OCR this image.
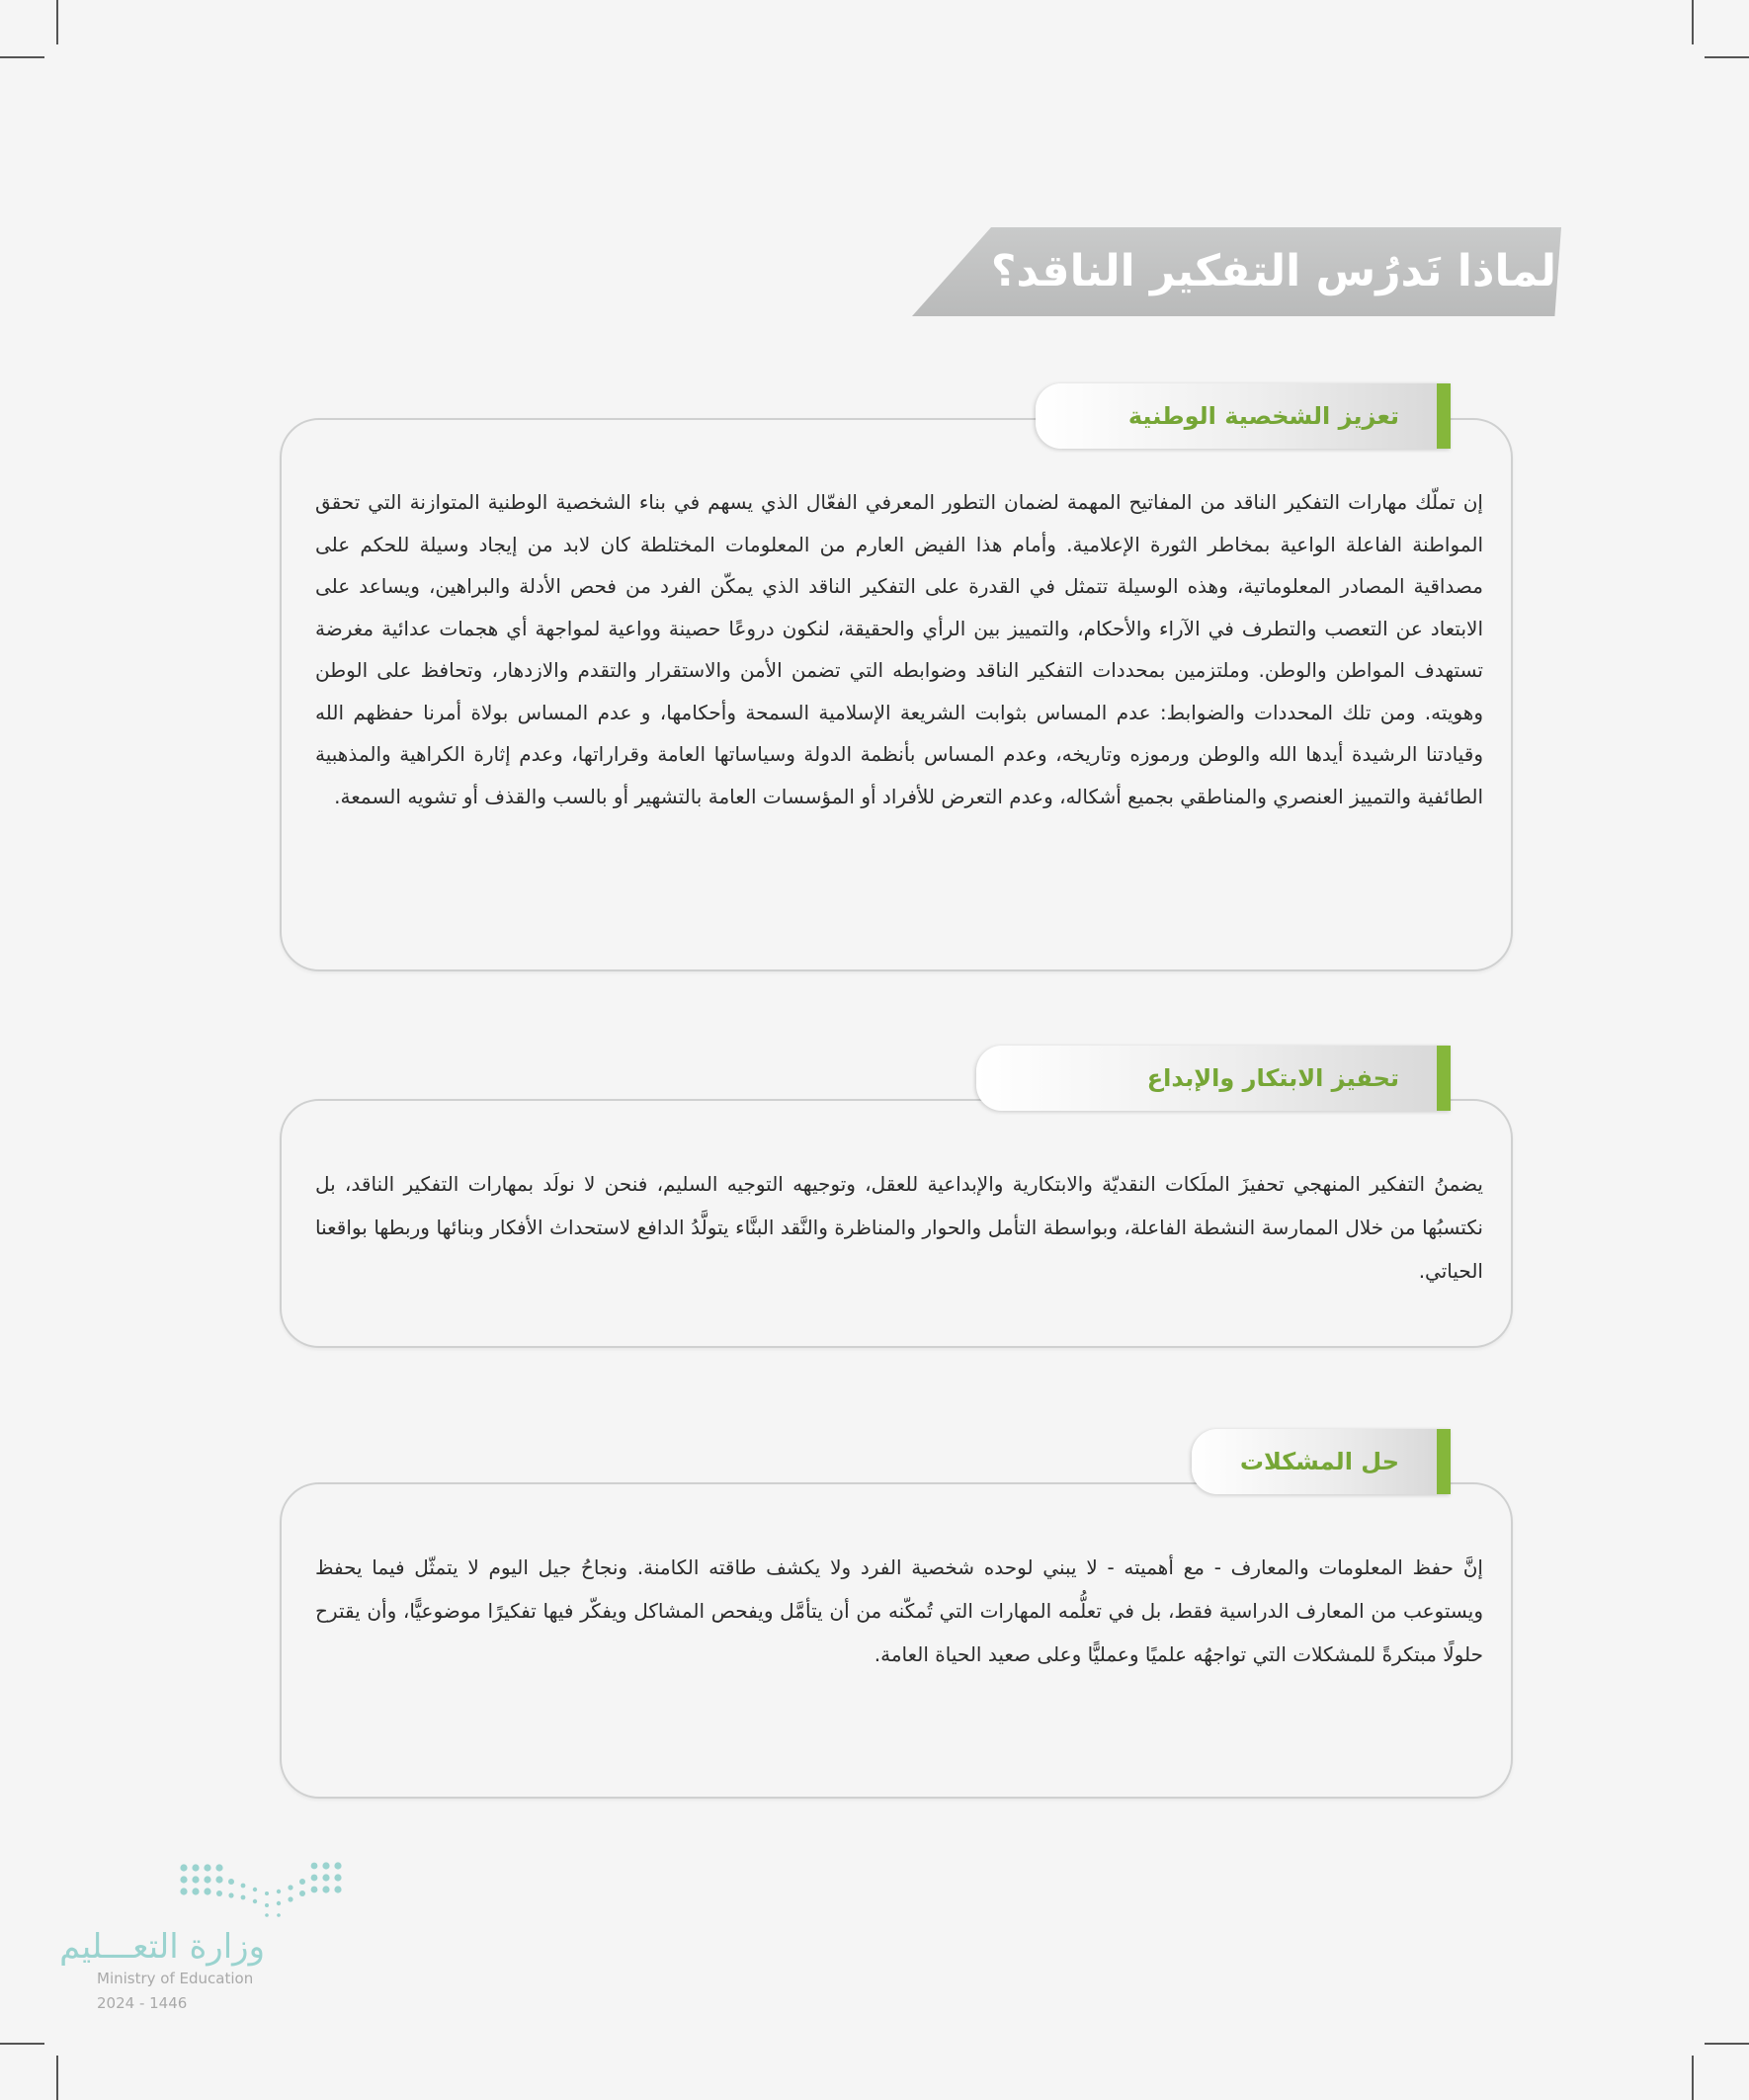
لماذا نَدرُس التفكير الناقد؟

إن تملّك مهارات التفكير الناقد من المفاتيح المهمة لضمان التطور المعرفي الفعّال الذي يسهم في بناء الشخصية الوطنية المتوازنة التي تحقق المواطنة الفاعلة الواعية بمخاطر الثورة الإعلامية. وأمام هذا الفيض العارم من المعلومات المختلطة كان لابد من إيجاد وسيلة للحكم على مصداقية المصادر المعلوماتية، وهذه الوسيلة تتمثل في القدرة على التفكير الناقد الذي يمكّن الفرد من فحص الأدلة والبراهين، ويساعد على الابتعاد عن التعصب والتطرف في الآراء والأحكام، والتمييز بين الرأي والحقيقة، لنكون دروعًا حصينة وواعية لمواجهة أي هجمات عدائية مغرضة تستهدف المواطن والوطن. وملتزمين بمحددات التفكير الناقد وضوابطه التي تضمن الأمن والاستقرار والتقدم والازدهار، وتحافظ على الوطن وهويته. ومن تلك المحددات والضوابط: عدم المساس بثوابت الشريعة الإسلامية السمحة وأحكامها، و عدم المساس بولاة أمرنا حفظهم الله وقيادتنا الرشيدة أيدها الله والوطن ورموزه وتاريخه، وعدم المساس بأنظمة الدولة وسياساتها العامة وقراراتها، وعدم إثارة الكراهية والمذهبية الطائفية والتمييز العنصري والمناطقي بجميع أشكاله، وعدم التعرض للأفراد أو المؤسسات العامة بالتشهير أو بالسب والقذف أو تشويه السمعة.

تعزيز الشخصية الوطنية

يضمنُ التفكير المنهجي تحفيزَ الملَكات النقديّة والابتكارية والإبداعية للعقل، وتوجيهه التوجيه السليم، فنحن لا نولَد بمهارات التفكير الناقد، بل نكتسبُها من خلال الممارسة النشطة الفاعلة، وبواسطة التأمل والحوار والمناظرة والنَّقد البنَّاء يتولَّدُ الدافع لاستحداث الأفكار وبنائها وربطها بواقعنا الحياتي.

تحفيز الابتكار والإبداع

إنَّ حفظ المعلومات والمعارف - مع أهميته - لا يبني لوحده شخصية الفرد ولا يكشف طاقته الكامنة. ونجاحُ جيل اليوم لا يتمثّل فيما يحفظ ويستوعب من المعارف الدراسية فقط، بل في تعلُّمه المهارات التي تُمكّنه من أن يتأمَّل ويفحص المشاكل ويفكّر فيها تفكيرًا موضوعيًّا، وأن يقترح حلولًا مبتكرةً للمشكلات التي تواجهُه علميًا وعمليًّا وعلى صعيد الحياة العامة.

حل المشكلات
وزارة التعـــليم
Ministry of Education
2024 - 1446
